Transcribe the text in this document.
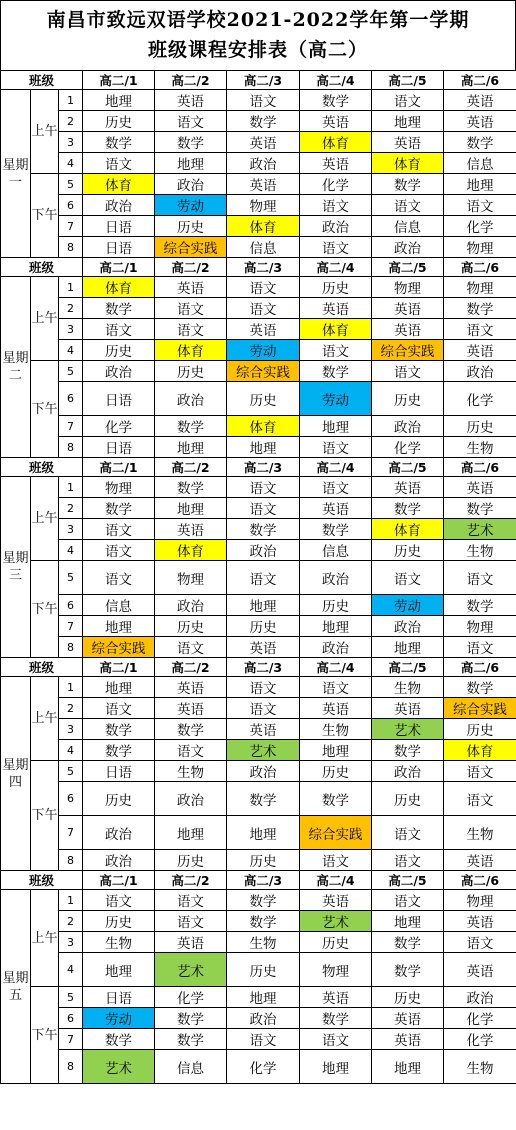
南昌市致远双语学校2021-2022学年第一学期
班级课程安排表（高二）
班级			高二/1	高二/2	高二/3	高二/4	高二/5	高二/6
星期一	上午	1	地理	英语	语文	数学	语文	英语
		2	历史	语文	数学	英语	地理	英语
		3	数学	数学	英语	体育	英语	数学
		4	语文	地理	政治	英语	体育	信息
	下午	5	体育	政治	英语	化学	数学	地理
		6	政治	劳动	物理	语文	语文	语文
		7	日语	历史	体育	政治	信息	化学
		8	日语	综合实践	信息	语文	政治	物理
班级			高二/1	高二/2	高二/3	高二/4	高二/5	高二/6
星期二	上午	1	体育	英语	语文	历史	物理	物理
		2	数学	语文	语文	英语	英语	数学
		3	语文	语文	英语	体育	英语	语文
		4	历史	体育	劳动	语文	综合实践	英语
	下午	5	政治	历史	综合实践	数学	语文	政治
		6	日语	政治	历史	劳动	历史	化学
		7	化学	数学	体育	地理	政治	历史
		8	日语	地理	地理	语文	化学	生物
班级			高二/1	高二/2	高二/3	高二/4	高二/5	高二/6
星期三	上午	1	物理	数学	语文	语文	英语	英语
		2	数学	地理	语文	英语	数学	数学
		3	语文	英语	数学	数学	体育	艺术
		4	语文	体育	政治	信息	历史	生物
	下午	5	语文	物理	语文	政治	语文	语文
		6	信息	政治	地理	历史	劳动	数学
		7	地理	历史	历史	地理	政治	物理
		8	综合实践	语文	英语	政治	地理	语文
班级			高二/1	高二/2	高二/3	高二/4	高二/5	高二/6
星期四	上午	1	地理	英语	语文	语文	生物	数学
		2	语文	英语	语文	英语	英语	综合实践
		3	数学	数学	英语	生物	艺术	历史
		4	数学	语文	艺术	地理	数学	体育
	下午	5	日语	生物	政治	历史	政治	语文
		6	历史	政治	数学	数学	历史	语文
		7	政治	地理	地理	综合实践	语文	生物
		8	政治	历史	历史	语文	语文	英语
班级			高二/1	高二/2	高二/3	高二/4	高二/5	高二/6
星期五	上午	1	语文	语文	数学	英语	语文	物理
		2	历史	语文	数学	艺术	地理	英语
		3	生物	英语	生物	历史	数学	语文
		4	地理	艺术	历史	物理	数学	英语
	下午	5	日语	化学	地理	英语	历史	政治
		6	劳动	数学	政治	数学	英语	化学
		7	数学	数学	语文	语文	英语	化学
		8	艺术	信息	化学	地理	地理	生物
